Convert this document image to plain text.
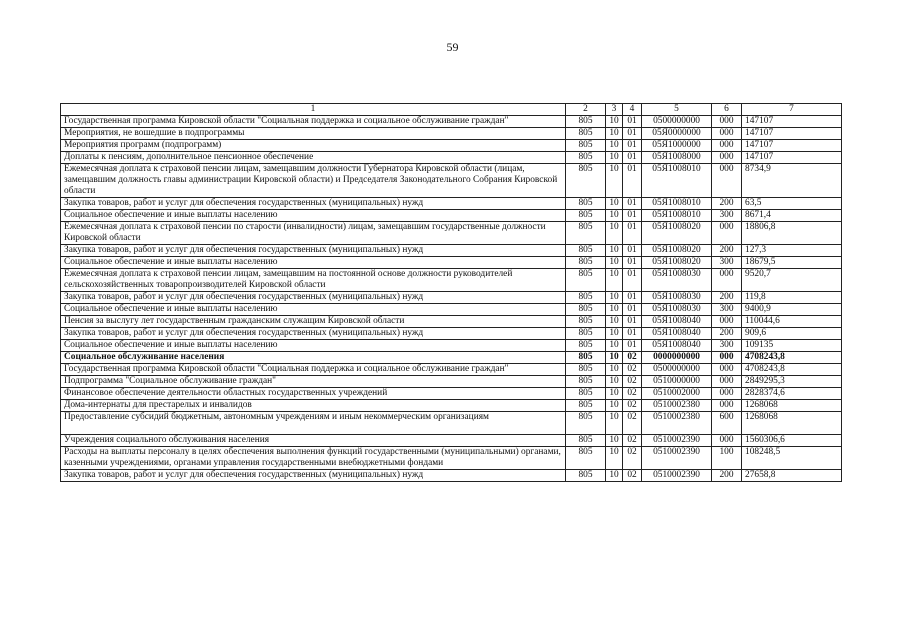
59
1	2	3	4	5	6	7
Государственная программа Кировской области "Социальная поддержка и социальное обслуживание граждан"	805	10	01	0500000000	000	147107
Мероприятия, не вошедшие в подпрограммы	805	10	01	05Я0000000	000	147107
Мероприятия программ (подпрограмм)	805	10	01	05Я1000000	000	147107
Доплаты к пенсиям, дополнительное пенсионное обеспечение	805	10	01	05Я1008000	000	147107
Ежемесячная доплата к страховой пенсии лицам, замещавшим должности Губернатора Кировской области (лицам, замещавшим должность главы администрации Кировской области) и Председателя Законодательного Собрания Кировской области	805	10	01	05Я1008010	000	8734,9
Закупка товаров, работ и услуг для обеспечения государственных (муниципальных) нужд	805	10	01	05Я1008010	200	63,5
Социальное обеспечение и иные выплаты населению	805	10	01	05Я1008010	300	8671,4
Ежемесячная доплата к страховой пенсии по старости (инвалидности) лицам, замещавшим государственные должности Кировской области	805	10	01	05Я1008020	000	18806,8
Закупка товаров, работ и услуг для обеспечения государственных (муниципальных) нужд	805	10	01	05Я1008020	200	127,3
Социальное обеспечение и иные выплаты населению	805	10	01	05Я1008020	300	18679,5
Ежемесячная доплата к страховой пенсии лицам, замещавшим на постоянной основе должности руководителей сельскохозяйственных товаропроизводителей Кировской области	805	10	01	05Я1008030	000	9520,7
Закупка товаров, работ и услуг для обеспечения государственных (муниципальных) нужд	805	10	01	05Я1008030	200	119,8
Социальное обеспечение и иные выплаты населению	805	10	01	05Я1008030	300	9400,9
Пенсия за выслугу лет государственным гражданским служащим Кировской области	805	10	01	05Я1008040	000	110044,6
Закупка товаров, работ и услуг для обеспечения государственных (муниципальных) нужд	805	10	01	05Я1008040	200	909,6
Социальное обеспечение и иные выплаты населению	805	10	01	05Я1008040	300	109135
Социальное обслуживание населения	805	10	02	0000000000	000	4708243,8
Государственная программа Кировской области "Социальная поддержка и социальное обслуживание граждан"	805	10	02	0500000000	000	4708243,8
Подпрограмма "Социальное обслуживание граждан"	805	10	02	0510000000	000	2849295,3
Финансовое обеспечение деятельности областных государственных учреждений	805	10	02	0510002000	000	2828374,6
Дома-интернаты для престарелых и инвалидов	805	10	02	0510002380	000	1268068
Предоставление субсидий бюджетным, автономным учреждениям и иным некоммерческим организациям	805	10	02	0510002380	600	1268068
Учреждения социального обслуживания населения	805	10	02	0510002390	000	1560306,6
Расходы на выплаты персоналу в целях обеспечения выполнения функций государственными (муниципальными) органами, казенными учреждениями, органами управления государственными внебюджетными фондами	805	10	02	0510002390	100	108248,5
Закупка товаров, работ и услуг для обеспечения государственных (муниципальных) нужд	805	10	02	0510002390	200	27658,8
